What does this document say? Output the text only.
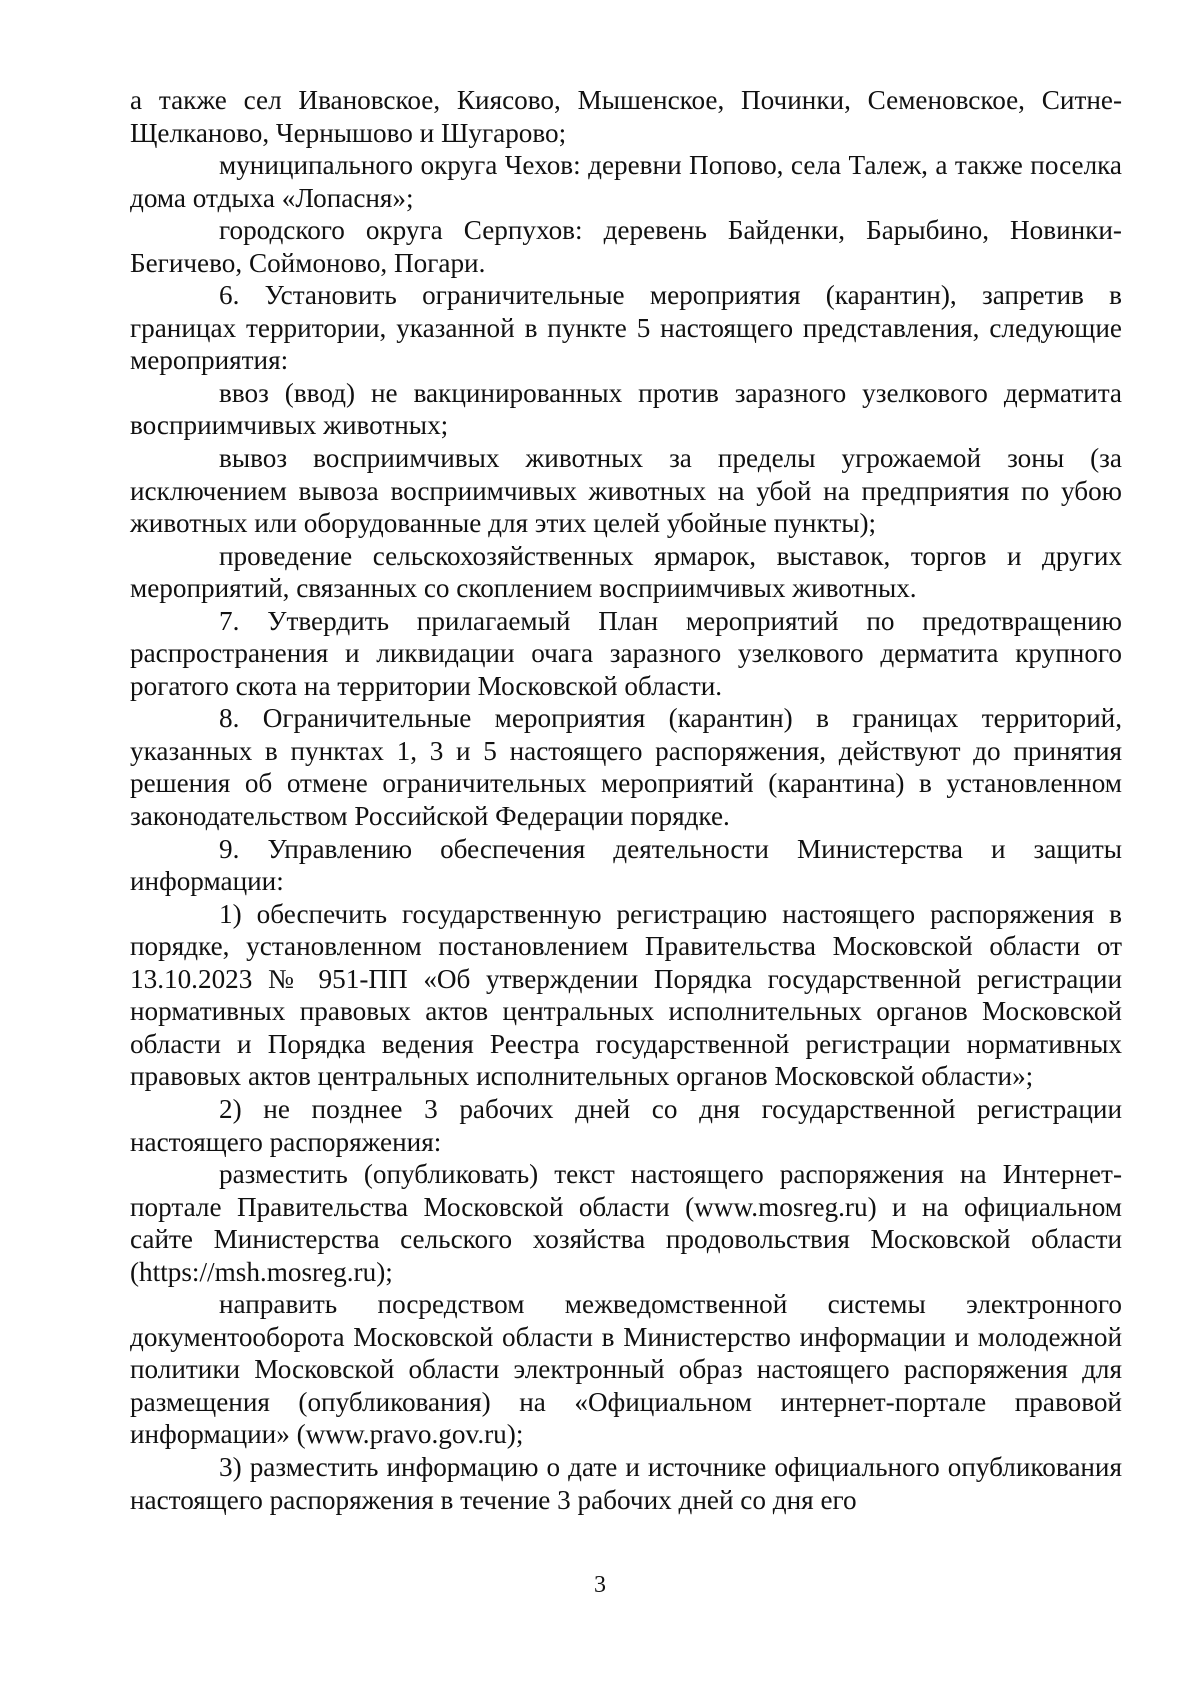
а также сел Ивановское, Киясово, Мышенское, Починки, Семеновское, Ситне-Щелканово, Чернышово и Шугарово;

муниципального округа Чехов: деревни Попово, села Талеж, а также поселка дома отдыха «Лопасня»;

городского округа Серпухов: деревень Байденки, Барыбино, Новинки-Бегичево, Соймоново, Погари.

6. Установить ограничительные мероприятия (карантин), запретив в границах территории, указанной в пункте 5 настоящего представления, следующие мероприятия:

ввоз (ввод) не вакцинированных против заразного узелкового дерматита восприимчивых животных;

вывоз восприимчивых животных за пределы угрожаемой зоны (за исключением вывоза восприимчивых животных на убой на предприятия по убою животных или оборудованные для этих целей убойные пункты);

проведение сельскохозяйственных ярмарок, выставок, торгов и других мероприятий, связанных со скоплением восприимчивых животных.

7. Утвердить прилагаемый План мероприятий по предотвращению распространения и ликвидации очага заразного узелкового дерматита крупного рогатого скота на территории Московской области.

8. Ограничительные мероприятия (карантин) в границах территорий, указанных в пунктах 1, 3 и 5 настоящего распоряжения, действуют до принятия решения об отмене ограничительных мероприятий (карантина) в установленном законодательством Российской Федерации порядке.

9. Управлению обеспечения деятельности Министерства и защиты информации:

1) обеспечить государственную регистрацию настоящего распоряжения в порядке, установленном постановлением Правительства Московской области от 13.10.2023 № 951-ПП «Об утверждении Порядка государственной регистрации нормативных правовых актов центральных исполнительных органов Московской области и Порядка ведения Реестра государственной регистрации нормативных правовых актов центральных исполнительных органов Московской области»;

2) не позднее 3 рабочих дней со дня государственной регистрации настоящего распоряжения:

разместить (опубликовать) текст настоящего распоряжения на Интернет-портале Правительства Московской области (www.mosreg.ru) и на официальном сайте Министерства сельского хозяйства продовольствия Московской области (https://msh.mosreg.ru);

направить посредством межведомственной системы электронного документооборота Московской области в Министерство информации и молодежной политики Московской области электронный образ настоящего распоряжения для размещения (опубликования) на «Официальном интернет-портале правовой информации» (www.pravo.gov.ru);

3) разместить информацию о дате и источнике официального опубликования настоящего распоряжения в течение 3 рабочих дней со дня его

3
